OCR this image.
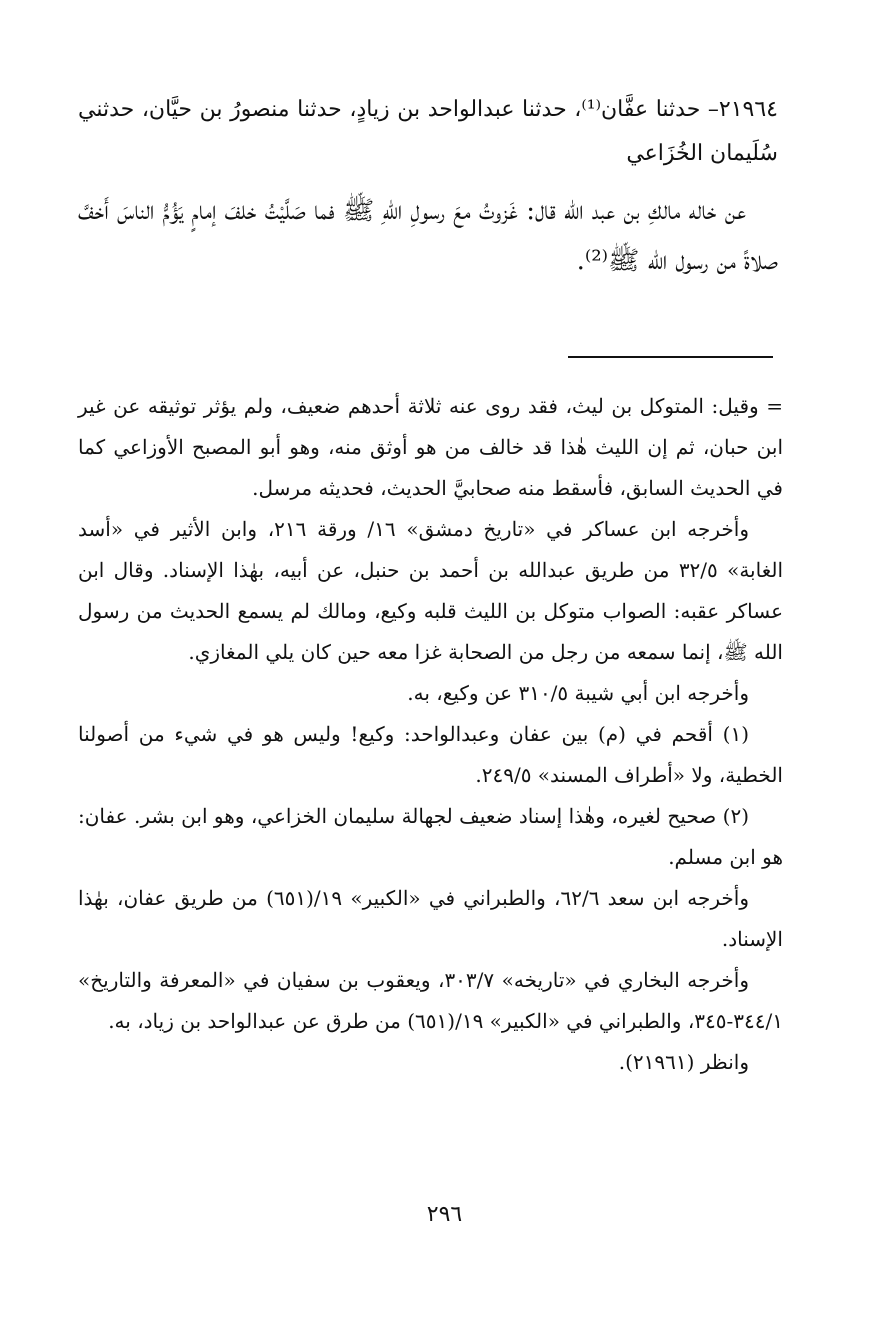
٢١٩٦٤– حدثنا عفَّان⁽¹⁾، حدثنا عبدالواحد بن زيادٍ، حدثنا منصورُ بن حيَّان، حدثني سُلَيمان الخُزَاعي

عن خاله مالكِ بن عبد الله قال: غَزوتُ معَ رسولِ اللهِ ﷺ فما صَلَّيْتُ خلفَ إمامٍ يَؤُمُّ الناسَ أَخفَّ صلاةً من رسول الله ﷺ⁽²⁾.

= وقيل: المتوكل بن ليث، فقد روى عنه ثلاثة أحدهم ضعيف، ولم يؤثر توثيقه عن غير ابن حبان، ثم إن الليث هٰذا قد خالف من هو أوثق منه، وهو أبو المصبح الأوزاعي كما في الحديث السابق، فأسقط منه صحابيَّ الحديث، فحديثه مرسل.

وأخرجه ابن عساكر في «تاريخ دمشق» ١٦/ ورقة ٢١٦، وابن الأثير في «أسد الغابة» ٣٢/٥ من طريق عبدالله بن أحمد بن حنبل، عن أبيه، بهٰذا الإسناد. وقال ابن عساكر عقبه: الصواب متوكل بن الليث قلبه وكيع، ومالك لم يسمع الحديث من رسول الله ﷺ، إنما سمعه من رجل من الصحابة غزا معه حين كان يلي المغازي.

وأخرجه ابن أبي شيبة ٣١٠/٥ عن وكيع، به.

(١) أقحم في (م) بين عفان وعبدالواحد: وكيع! وليس هو في شيء من أصولنا الخطية، ولا «أطراف المسند» ٢٤٩/٥.

(٢) صحيح لغيره، وهٰذا إسناد ضعيف لجهالة سليمان الخزاعي، وهو ابن بشر. عفان: هو ابن مسلم.

وأخرجه ابن سعد ٦٢/٦، والطبراني في «الكبير» ١٩/(٦٥١) من طريق عفان، بهٰذا الإسناد.

وأخرجه البخاري في «تاريخه» ٣٠٣/٧، ويعقوب بن سفيان في «المعرفة والتاريخ» ٣٤٤/١-٣٤٥، والطبراني في «الكبير» ١٩/(٦٥١) من طرق عن عبدالواحد بن زياد، به.

وانظر (٢١٩٦١).

٢٩٦
